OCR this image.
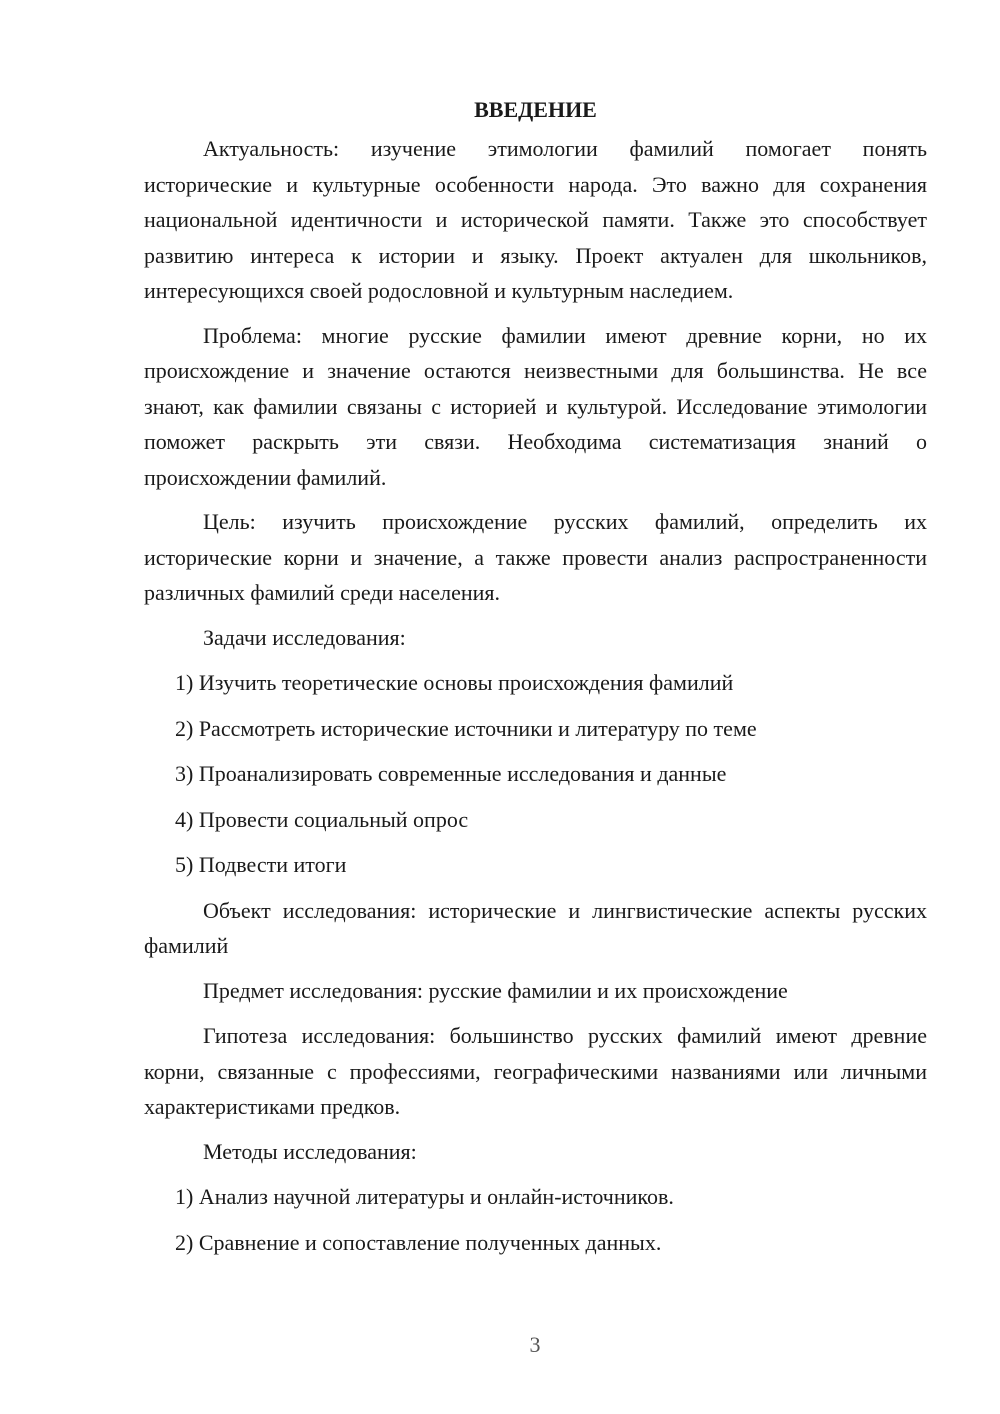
ВВЕДЕНИЕ

Актуальность: изучение этимологии фамилий помогает понять исторические и культурные особенности народа. Это важно для сохранения национальной идентичности и исторической памяти. Также это способствует развитию интереса к истории и языку. Проект актуален для школьников, интересующихся своей родословной и культурным наследием.

Проблема: многие русские фамилии имеют древние корни, но их происхождение и значение остаются неизвестными для большинства. Не все знают, как фамилии связаны с историей и культурой. Исследование этимологии поможет раскрыть эти связи. Необходима систематизация знаний о происхождении фамилий.

Цель: изучить происхождение русских фамилий, определить их исторические корни и значение, а также провести анализ распространенности различных фамилий среди населения.

Задачи исследования:

1) Изучить теоретические основы происхождения фамилий
2) Рассмотреть исторические источники и литературу по теме
3) Проанализировать современные исследования и данные
4) Провести социальный опрос
5) Подвести итоги

Объект исследования: исторические и лингвистические аспекты русских фамилий

Предмет исследования: русские фамилии и их происхождение

Гипотеза исследования: большинство русских фамилий имеют древние корни, связанные с профессиями, географическими названиями или личными характеристиками предков.

Методы исследования:

1) Анализ научной литературы и онлайн-источников.
2) Сравнение и сопоставление полученных данных.
3
